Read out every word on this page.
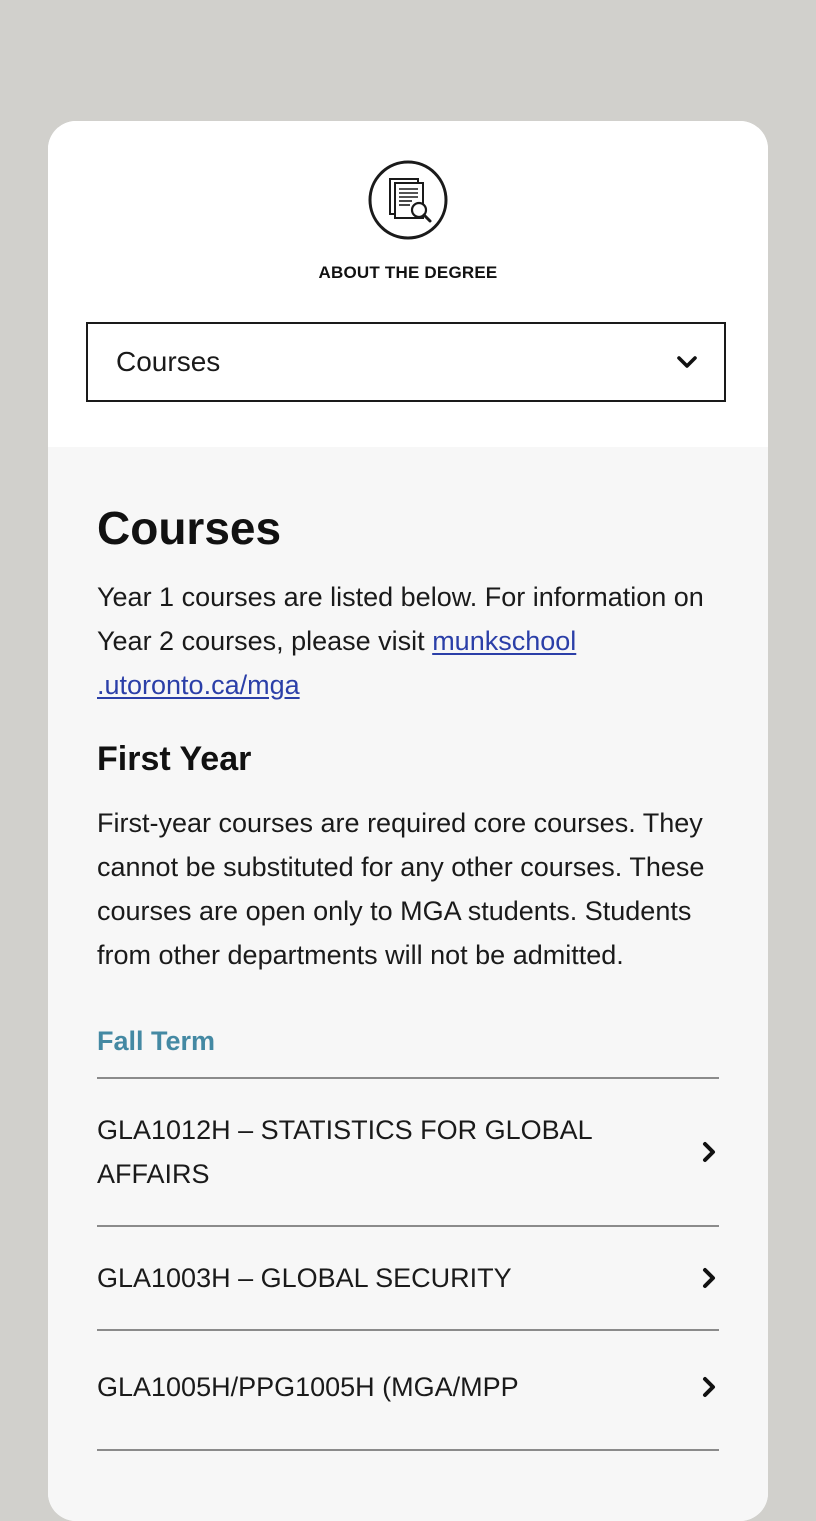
ABOUT THE DEGREE
Courses
Courses

Year 1 courses are listed below. For information on Year 2 courses, please visit munkschool
.utoronto.ca/mga

First Year

First-year courses are required core courses. They cannot be substituted for any other courses. These courses are open only to MGA students. Students from other departments will not be admitted.

Fall Term
GLA1012H – STATISTICS FOR GLOBAL AFFAIRS
GLA1003H – GLOBAL SECURITY
GLA1005H/PPG1005H (MGA/MPP
